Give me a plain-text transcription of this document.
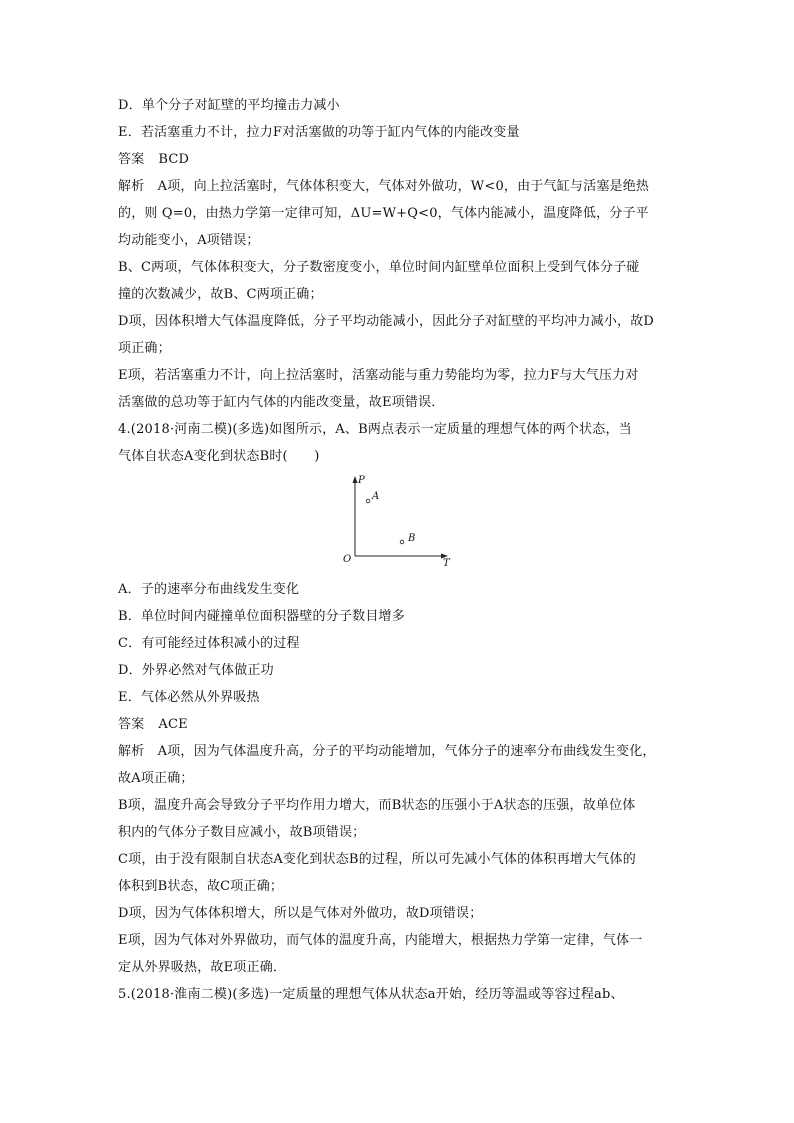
D．单个分子对缸壁的平均撞击力减小
E．若活塞重力不计，拉力F对活塞做的功等于缸内气体的内能改变量
答案 BCD
解析　A项，向上拉活塞时，气体体积变大，气体对外做功，W<0，由于气缸与活塞是绝热
的，则 Q=0，由热力学第一定律可知，ΔU=W+Q<0，气体内能减小，温度降低，分子平
均动能变小，A项错误；
B、C两项，气体体积变大，分子数密度变小，单位时间内缸壁单位面积上受到气体分子碰
撞的次数减少，故B、C两项正确；
D项，因体积增大气体温度降低，分子平均动能减小，因此分子对缸壁的平均冲力减小，故D
项正确；
E项，若活塞重力不计，向上拉活塞时，活塞动能与重力势能均为零，拉力F与大气压力对
活塞做的总功等于缸内气体的内能改变量，故E项错误．
4.(2018·河南二模)(多选)如图所示，A、B两点表示一定质量的理想气体的两个状态，当
气体自状态A变化到状态B时(　　)
P
T
O
A
B
A．子的速率分布曲线发生变化
B．单位时间内碰撞单位面积器壁的分子数目增多
C．有可能经过体积减小的过程
D．外界必然对气体做正功
E．气体必然从外界吸热
答案 ACE
解析　A项，因为气体温度升高，分子的平均动能增加，气体分子的速率分布曲线发生变化，
故A项正确；
B项，温度升高会导致分子平均作用力增大，而B状态的压强小于A状态的压强，故单位体
积内的气体分子数目应减小，故B项错误；
C项，由于没有限制自状态A变化到状态B的过程，所以可先减小气体的体积再增大气体的
体积到B状态，故C项正确；
D项，因为气体体积增大，所以是气体对外做功，故D项错误；
E项，因为气体对外界做功，而气体的温度升高，内能增大，根据热力学第一定律，气体一
定从外界吸热，故E项正确．
5.(2018·淮南二模)(多选)一定质量的理想气体从状态a开始，经历等温或等容过程ab、
